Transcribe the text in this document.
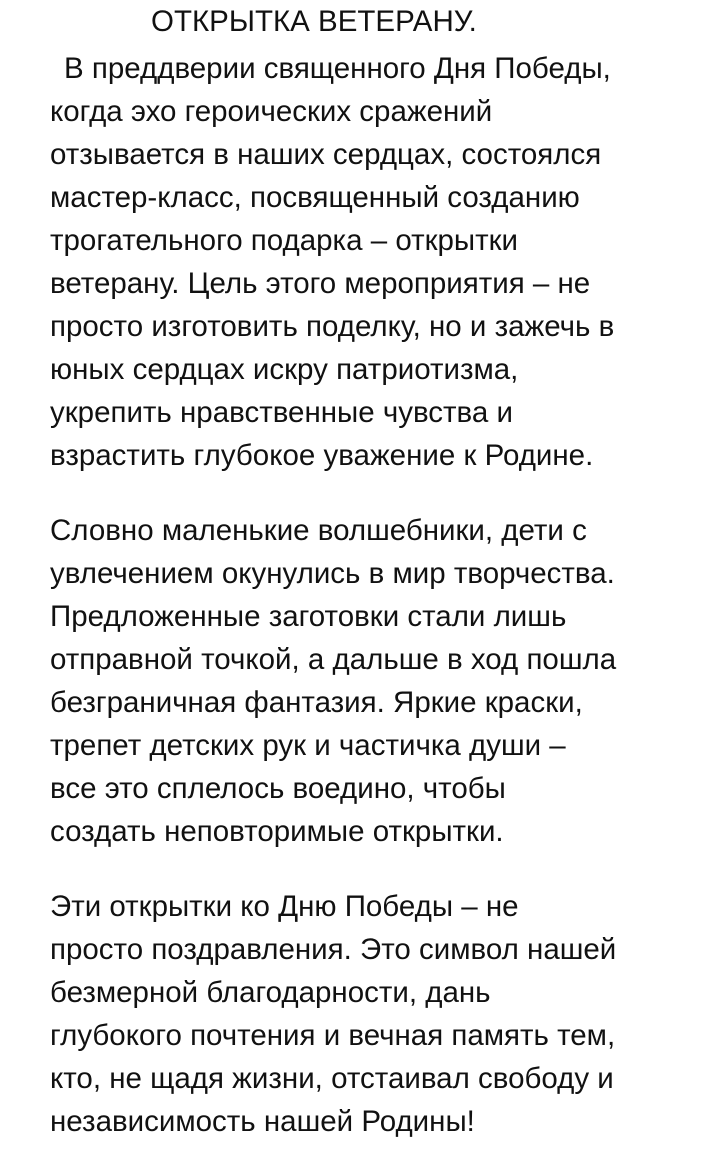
ОТКРЫТКА ВЕТЕРАНУ.

В преддверии священного Дня Победы,

когда эхо героических сражений

отзывается в наших сердцах, состоялся

мастер-класс, посвященный созданию

трогательного подарка – открытки

ветерану. Цель этого мероприятия – не

просто изготовить поделку, но и зажечь в

юных сердцах искру патриотизма,

укрепить нравственные чувства и

взрастить глубокое уважение к Родине.

Словно маленькие волшебники, дети с

увлечением окунулись в мир творчества.

Предложенные заготовки стали лишь

отправной точкой, а дальше в ход пошла

безграничная фантазия. Яркие краски,

трепет детских рук и частичка души –

все это сплелось воедино, чтобы

создать неповторимые открытки.

Эти открытки ко Дню Победы – не

просто поздравления. Это символ нашей

безмерной благодарности, дань

глубокого почтения и вечная память тем,

кто, не щадя жизни, отстаивал свободу и

независимость нашей Родины!
